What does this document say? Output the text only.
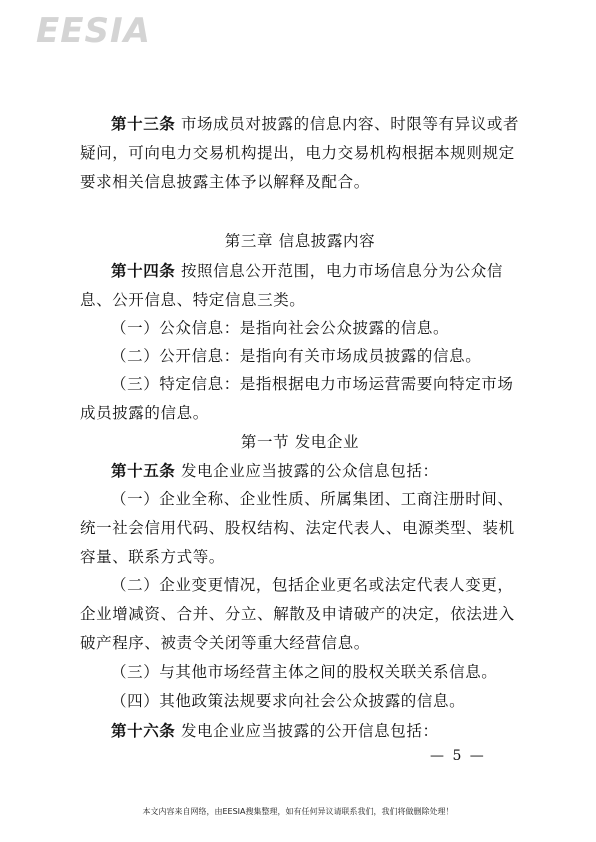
EESIA

第十三条 市场成员对披露的信息内容、时限等有异议或者疑问，可向电力交易机构提出，电力交易机构根据本规则规定要求相关信息披露主体予以解释及配合。

第三章 信息披露内容

第十四条 按照信息公开范围，电力市场信息分为公众信息、公开信息、特定信息三类。

（一）公众信息：是指向社会公众披露的信息。

（二）公开信息：是指向有关市场成员披露的信息。

（三）特定信息：是指根据电力市场运营需要向特定市场成员披露的信息。

第一节 发电企业

第十五条 发电企业应当披露的公众信息包括：

（一）企业全称、企业性质、所属集团、工商注册时间、统一社会信用代码、股权结构、法定代表人、电源类型、装机容量、联系方式等。

（二）企业变更情况，包括企业更名或法定代表人变更，企业增减资、合并、分立、解散及申请破产的决定，依法进入破产程序、被责令关闭等重大经营信息。

（三）与其他市场经营主体之间的股权关联关系信息。

（四）其他政策法规要求向社会公众披露的信息。

第十六条 发电企业应当披露的公开信息包括：

— 5 —
本文内容来自网络，由EESIA搜集整理，如有任何异议请联系我们，我们将做删除处理！
